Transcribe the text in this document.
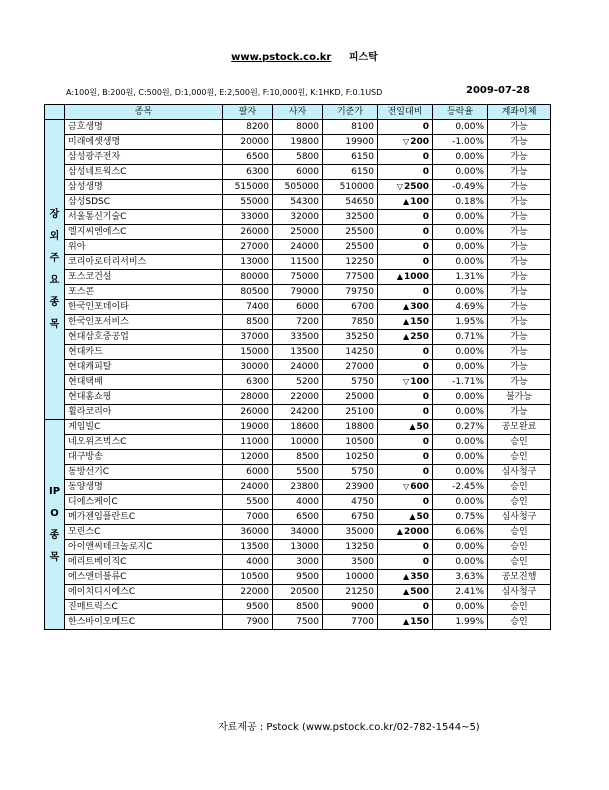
www.pstock.co.kr 피스탁
A:100원, B:200원, C:500원, D:1,000원, E:2,500원, F:10,000원, K:1HKD, F:0.1USD	2009-07-28
	종목	팔자	사자	기준가	전일대비	등락율	계좌이체
장외주요종목	금호생명	8200	8000	8100	0	0.00%	가능
	미래에셋생명	20000	19800	19900	▽200	-1.00%	가능
	삼성광주전자	6500	5800	6150	0	0.00%	가능
	삼성네트웍스C	6300	6000	6150	0	0.00%	가능
	삼성생명	515000	505000	510000	▽2500	-0.49%	가능
	삼성SDSC	55000	54300	54650	▲100	0.18%	가능
	서울통신기술C	33000	32000	32500	0	0.00%	가능
	엘지씨엔에스C	26000	25000	25500	0	0.00%	가능
	위아	27000	24000	25500	0	0.00%	가능
	코리아로터리서비스	13000	11500	12250	0	0.00%	가능
	포스코건설	80000	75000	77500	▲1000	1.31%	가능
	포스콘	80500	79000	79750	0	0.00%	가능
	한국인포데이타	7400	6000	6700	▲300	4.69%	가능
	한국인포서비스	8500	7200	7850	▲150	1.95%	가능
	현대삼호중공업	37000	33500	35250	▲250	0.71%	가능
	현대카드	15000	13500	14250	0	0.00%	가능
	현대캐피탈	30000	24000	27000	0	0.00%	가능
	현대택배	6300	5200	5750	▽100	-1.71%	가능
	현대홈쇼핑	28000	22000	25000	0	0.00%	불가능
	휠라코리아	26000	24200	25100	0	0.00%	가능
IPO종목	게임빌C	19000	18600	18800	▲50	0.27%	공모완료
	네오위즈벅스C	11000	10000	10500	0	0.00%	승인
	대구방송	12000	8500	10250	0	0.00%	승인
	동방선기C	6000	5500	5750	0	0.00%	심사청구
	동양생명	24000	23800	23900	▽600	-2.45%	승인
	디에스케이C	5500	4000	4750	0	0.00%	승인
	메가젠임플란트C	7000	6500	6750	▲50	0.75%	심사청구
	모린스C	36000	34000	35000	▲2000	6.06%	승인
	아이앤씨테크놀로지C	13500	13000	13250	0	0.00%	승인
	에리트베이직C	4000	3000	3500	0	0.00%	승인
	에스앤더블류C	10500	9500	10000	▲350	3.63%	공모진행
	에이치디시에스C	22000	20500	21250	▲500	2.41%	심사청구
	진매트릭스C	9500	8500	9000	0	0.00%	승인
	한스바이오메드C	7900	7500	7700	▲150	1.99%	승인
자료제공 : Pstock (www.pstock.co.kr/02-782-1544~5)
